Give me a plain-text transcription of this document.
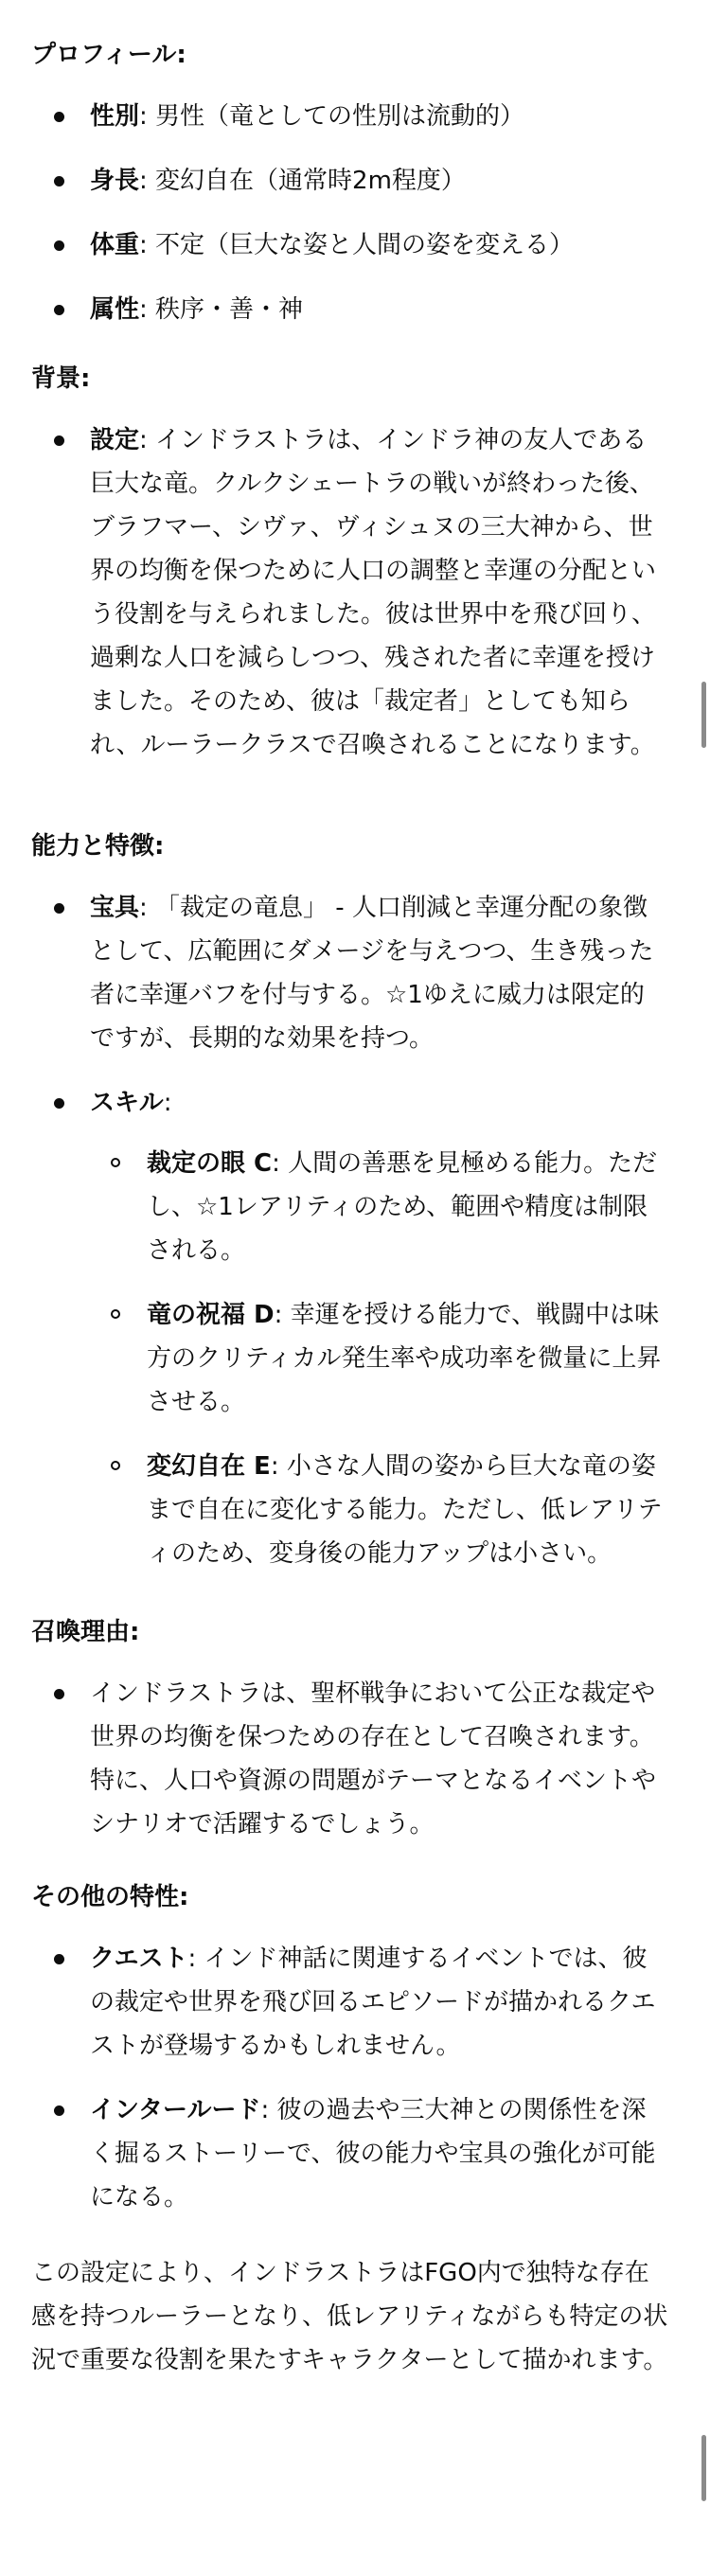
プロフィール:
性別: 男性（竜としての性別は流動的）
身長: 変幻自在（通常時2m程度）
体重: 不定（巨大な姿と人間の姿を変える）
属性: 秩序・善・神
背景:
設定: インドラストラは、インドラ神の友人である巨大な竜。クルクシェートラの戦いが終わった後、ブラフマー、シヴァ、ヴィシュヌの三大神から、世界の均衡を保つために人口の調整と幸運の分配という役割を与えられました。彼は世界中を飛び回り、過剰な人口を減らしつつ、残された者に幸運を授けました。そのため、彼は「裁定者」としても知られ、ルーラークラスで召喚されることになります。
能力と特徴:
宝具: 「裁定の竜息」 - 人口削減と幸運分配の象徴として、広範囲にダメージを与えつつ、生き残った者に幸運バフを付与する。☆1ゆえに威力は限定的ですが、長期的な効果を持つ。
スキル:
裁定の眼 C: 人間の善悪を見極める能力。ただし、☆1レアリティのため、範囲や精度は制限される。
竜の祝福 D: 幸運を授ける能力で、戦闘中は味方のクリティカル発生率や成功率を微量に上昇させる。
変幻自在 E: 小さな人間の姿から巨大な竜の姿まで自在に変化する能力。ただし、低レアリティのため、変身後の能力アップは小さい。
召喚理由:
インドラストラは、聖杯戦争において公正な裁定や世界の均衡を保つための存在として召喚されます。特に、人口や資源の問題がテーマとなるイベントやシナリオで活躍するでしょう。
その他の特性:
クエスト: インド神話に関連するイベントでは、彼の裁定や世界を飛び回るエピソードが描かれるクエストが登場するかもしれません。
インタールード: 彼の過去や三大神との関係性を深く掘るストーリーで、彼の能力や宝具の強化が可能になる。

この設定により、インドラストラはFGO内で独特な存在感を持つルーラーとなり、低レアリティながらも特定の状況で重要な役割を果たすキャラクターとして描かれます。
